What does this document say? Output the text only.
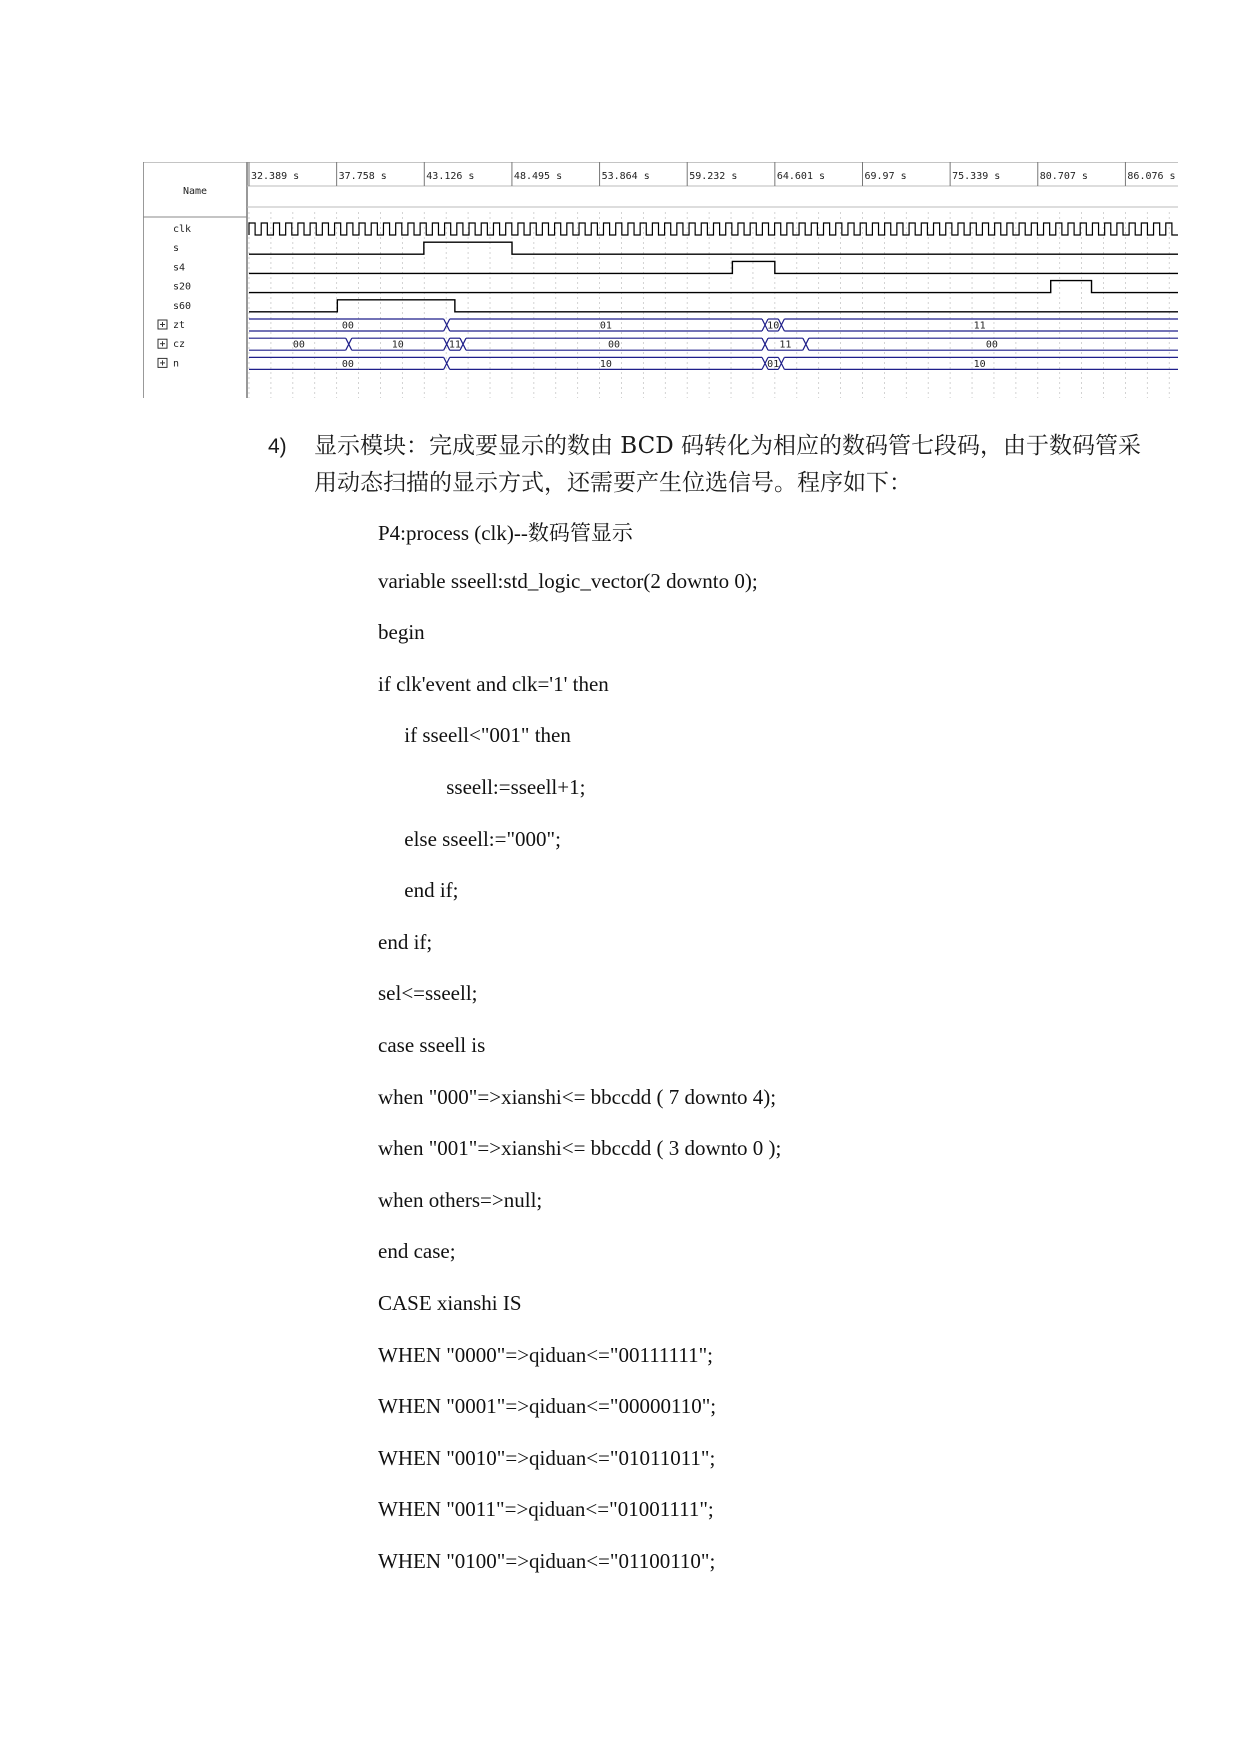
Name
32.389 s	37.758 s	43.126 s	48.495 s	53.864 s	59.232 s	64.601 s	69.97 s	75.339 s	80.707 s	86.076 s
clk
s
s4
s20
s60
zt
cz
n
00	01	10	11
00	10	11	00	11	00
00	10	01	10
4) 显示模块：完成要显示的数由 BCD 码转化为相应的数码管七段码，由于数码管采用动态扫描的显示方式，还需要产生位选信号。程序如下：
P4:process (clk)--数码管显示
variable sseell:std_logic_vector(2 downto 0);
begin
if clk'event and clk='1' then
if sseell<"001" then
sseell:=sseell+1;
else sseell:="000";
end if;
end if;
sel<=sseell;
case sseell is
when "000"=>xianshi<= bbccdd ( 7 downto 4);
when "001"=>xianshi<= bbccdd ( 3 downto 0 );
when others=>null;
end case;
CASE xianshi IS
WHEN "0000"=>qiduan<="00111111";
WHEN "0001"=>qiduan<="00000110";
WHEN "0010"=>qiduan<="01011011";
WHEN "0011"=>qiduan<="01001111";
WHEN "0100"=>qiduan<="01100110";
